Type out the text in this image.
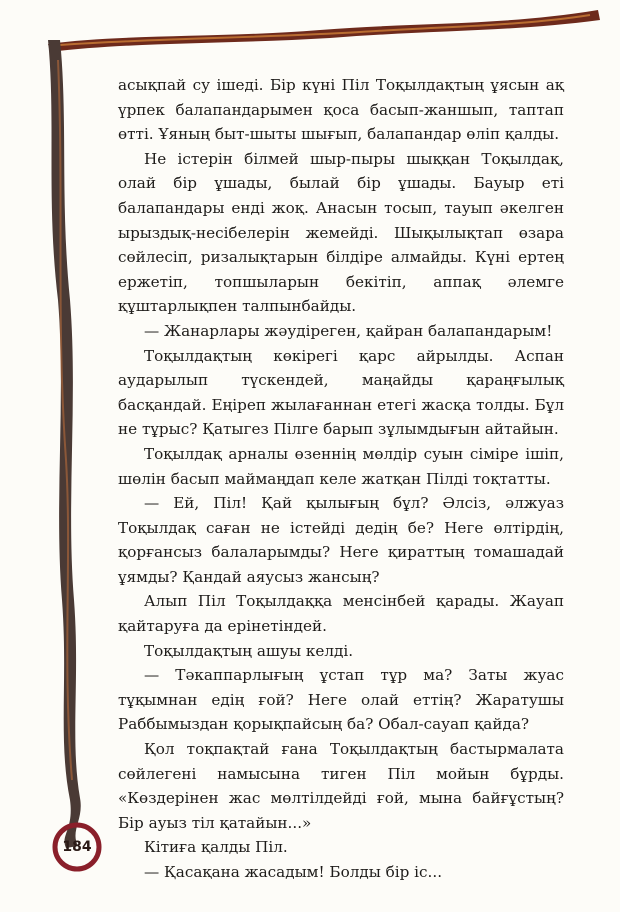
асықпай су ішеді. Бір күні Піл Тоқылдақтың ұясын ақ үрпек балапандарымен қоса басып-жаншып, таптап өтті. Ұяның быт-шыты шығып, балапандар өліп қалды.

Не істерін білмей шыр-пыры шыққан Тоқылдақ, олай бір ұшады, былай бір ұшады. Бауыр еті балапандары енді жоқ. Анасын тосып, тауып әкелген ырыздық-несібелерін жемейді. Шықылықтап өзара сөйлесіп, ризалықтарын білдіре алмайды. Күні ертең ержетіп, топшыларын бекітіп, аппақ әлемге құштарлықпен талпынбайды.

— Жанарлары жәудіреген, қайран балапандарым!

Тоқылдақтың көкірегі қарс айрылды. Аспан аударылып түскендей, маңайды қараңғылық басқандай. Еңіреп жылағаннан етегі жасқа толды. Бұл не тұрыс? Қатыгез Пілге барып зұлымдығын айтайын.

Тоқылдақ арналы өзеннің мөлдір суын сіміре ішіп, шөлін басып маймаңдап келе жатқан Пілді тоқтатты.

— Ей, Піл! Қай қылығың бұл? Әлсіз, әлжуаз Тоқылдақ саған не істейді дедің бе? Неге өлтірдің, қорғансыз балаларымды? Неге қираттың томашадай ұямды? Қандай аяусыз жансың?

Алып Піл Тоқылдаққа менсінбей қарады. Жауап қайтаруға да ерінетіндей.

Тоқылдақтың ашуы келді.

— Тәкаппарлығың ұстап тұр ма? Заты жуас тұқымнан едің ғой? Неге олай еттің? Жаратушы Раббымыздан қорықпайсың ба? Обал-сауап қайда?

Қол тоқпақтай ғана Тоқылдақтың бастырмалата сөйлегені намысына тиген Піл мойын бұрды. «Көздерінен жас мөлтілдейді ғой, мына байғұстың? Бір ауыз тіл қатайын...»

Кітиға қалды Піл.

— Қасақана жасадым! Болды бір іс...

184
